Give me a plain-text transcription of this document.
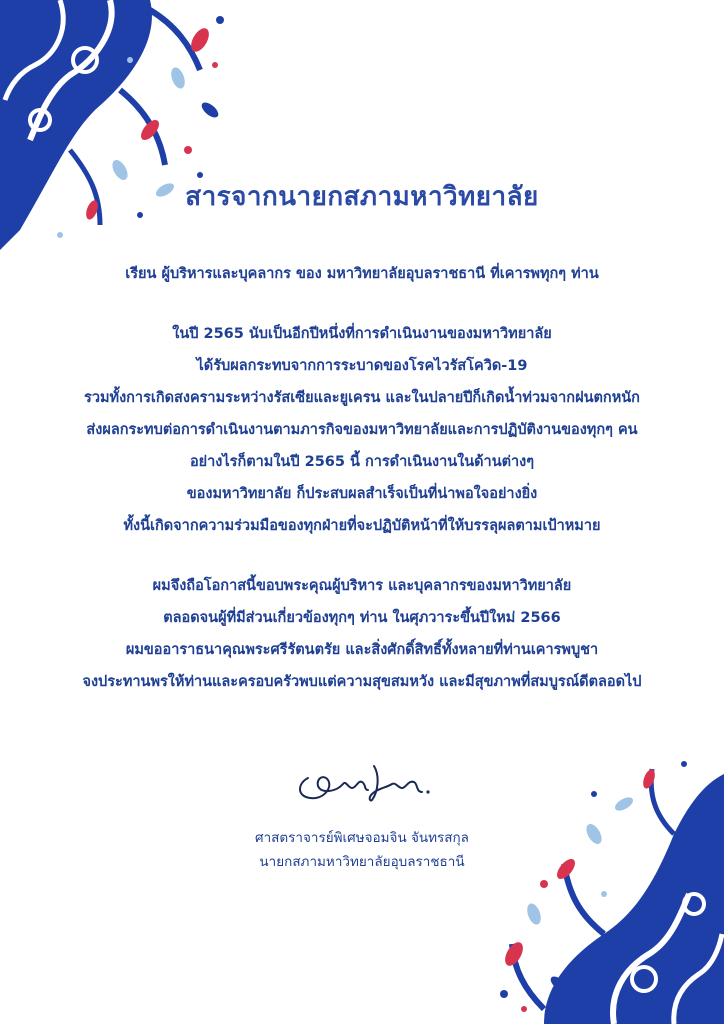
สารจากนายกสภามหาวิทยาลัย
เรียน ผู้บริหารและบุคลากร ของ มหาวิทยาลัยอุบลราชธานี ที่เคารพทุกๆ ท่าน
ในปี 2565 นับเป็นอีกปีหนึ่งที่การดำเนินงานของมหาวิทยาลัย
ได้รับผลกระทบจากการระบาดของโรคไวรัสโควิด-19
รวมทั้งการเกิดสงครามระหว่างรัสเซียและยูเครน และในปลายปีก็เกิดน้ำท่วมจากฝนตกหนัก
ส่งผลกระทบต่อการดำเนินงานตามภารกิจของมหาวิทยาลัยและการปฏิบัติงานของทุกๆ คน
อย่างไรก็ตามในปี 2565 นี้ การดำเนินงานในด้านต่างๆ
ของมหาวิทยาลัย ก็ประสบผลสำเร็จเป็นที่น่าพอใจอย่างยิ่ง
ทั้งนี้เกิดจากความร่วมมือของทุกฝ่ายที่จะปฏิบัติหน้าที่ให้บรรลุผลตามเป้าหมาย
ผมจึงถือโอกาสนี้ขอบพระคุณผู้บริหาร และบุคลากรของมหาวิทยาลัย
ตลอดจนผู้ที่มีส่วนเกี่ยวข้องทุกๆ ท่าน ในศุภวาระขึ้นปีใหม่ 2566
ผมขออาราธนาคุณพระศรีรัตนตรัย และสิ่งศักดิ์สิทธิ์ทั้งหลายที่ท่านเคารพบูชา
จงประทานพรให้ท่านและครอบครัวพบแต่ความสุขสมหวัง และมีสุขภาพที่สมบูรณ์ดีตลอดไป
ศาสตราจารย์พิเศษจอมจิน จันทรสกุล
นายกสภามหาวิทยาลัยอุบลราชธานี
